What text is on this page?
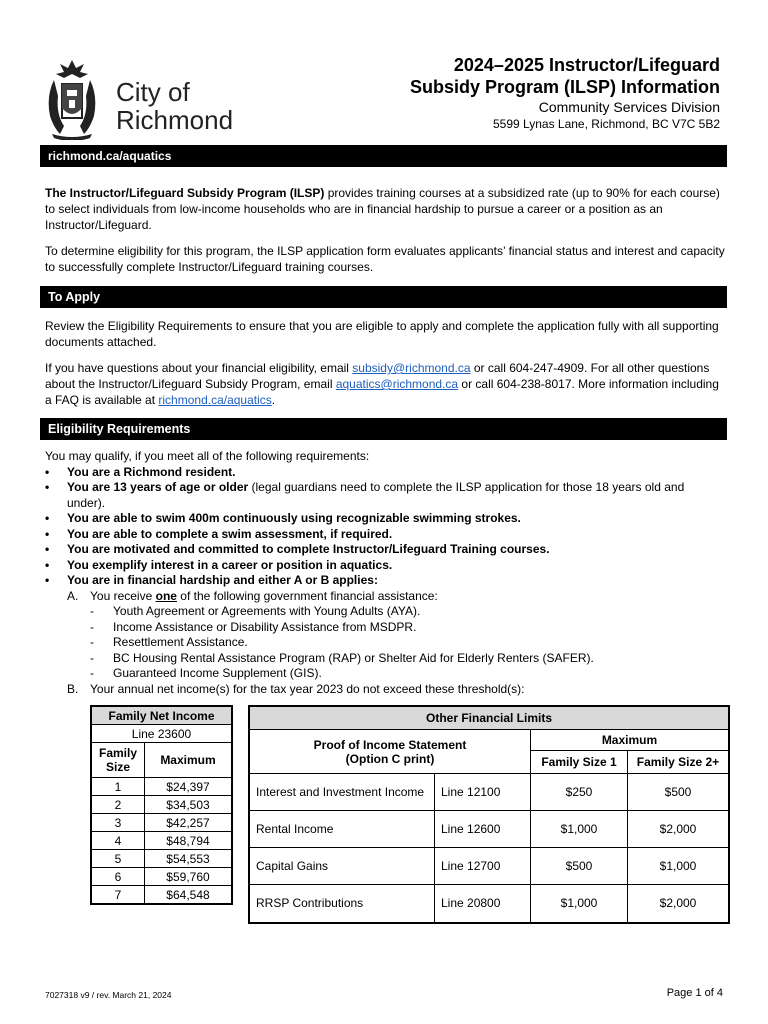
City of
Richmond
2024–2025 Instructor/Lifeguard
Subsidy Program (ILSP) Information
Community Services Division
5599 Lynas Lane, Richmond, BC V7C 5B2
richmond.ca/aquatics
The Instructor/Lifeguard Subsidy Program (ILSP) provides training courses at a subsidized rate (up to 90% for each course) to select individuals from low-income households who are in financial hardship to pursue a career or a position as an Instructor/Lifeguard.
To determine eligibility for this program, the ILSP application form evaluates applicants’ financial status and interest and capacity to successfully complete Instructor/Lifeguard training courses.
To Apply
Review the Eligibility Requirements to ensure that you are eligible to apply and complete the application fully with all supporting documents attached.
If you have questions about your financial eligibility, email subsidy@richmond.ca or call 604-247-4909. For all other questions about the Instructor/Lifeguard Subsidy Program, email aquatics@richmond.ca or call 604-238-8017. More information including a FAQ is available at richmond.ca/aquatics.
Eligibility Requirements
You may qualify, if you meet all of the following requirements:
• You are a Richmond resident.
• You are 13 years of age or older (legal guardians need to complete the ILSP application for those 18 years old and under).
• You are able to swim 400m continuously using recognizable swimming strokes.
• You are able to complete a swim assessment, if required.
• You are motivated and committed to complete Instructor/Lifeguard Training courses.
• You exemplify interest in a career or position in aquatics.
• You are in financial hardship and either A or B applies:
A. You receive one of the following government financial assistance:
- Youth Agreement or Agreements with Young Adults (AYA).
- Income Assistance or Disability Assistance from MSDPR.
- Resettlement Assistance.
- BC Housing Rental Assistance Program (RAP) or Shelter Aid for Elderly Renters (SAFER).
- Guaranteed Income Supplement (GIS).
B. Your annual net income(s) for the tax year 2023 do not exceed these threshold(s):
Family Net Income	
Line 23600	
Family Size	Maximum
1	$24,397
2	$34,503
3	$42,257
4	$48,794
5	$54,553
6	$59,760
7	$64,548
Other Financial Limits			
Proof of Income Statement (Option C print)		Maximum	
		Family Size 1	Family Size 2+
Interest and Investment Income	Line 12100	$250	$500
Rental Income	Line 12600	$1,000	$2,000
Capital Gains	Line 12700	$500	$1,000
RRSP Contributions	Line 20800	$1,000	$2,000
7027318 v9 / rev. March 21, 2024	Page 1 of 4
